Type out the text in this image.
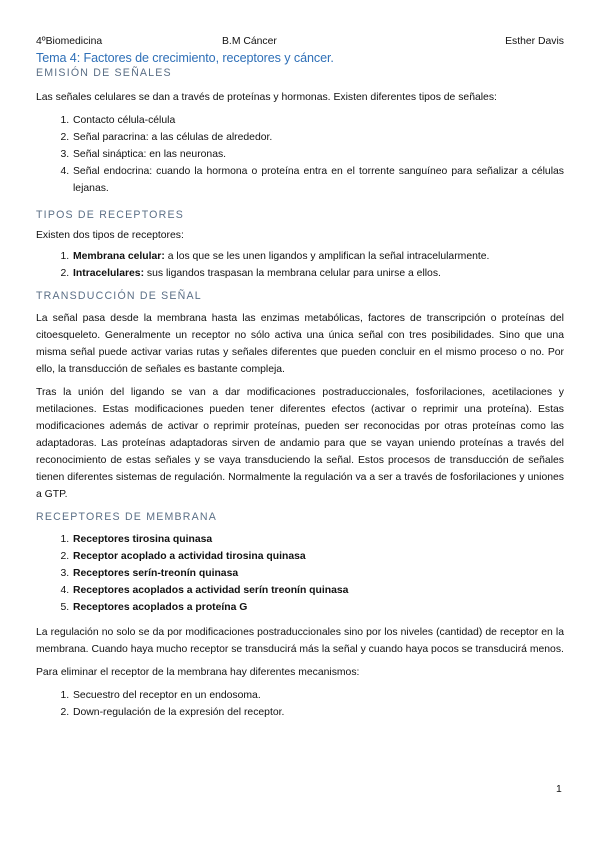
4ºBiomedicina	B.M Cáncer	Esther Davis
Tema 4: Factores de crecimiento, receptores y cáncer.
EMISIÓN DE SEÑALES

Las señales celulares se dan a través de proteínas y hormonas. Existen diferentes tipos de señales:

1. Contacto célula-célula
2. Señal paracrina: a las células de alrededor.
3. Señal sináptica: en las neuronas.
4. Señal endocrina: cuando la hormona o proteína entra en el torrente sanguíneo para señalizar a células lejanas.
TIPOS DE RECEPTORES

Existen dos tipos de receptores:

1. Membrana celular: a los que se les unen ligandos y amplifican la señal intracelularmente.
2. Intracelulares: sus ligandos traspasan la membrana celular para unirse a ellos.
TRANSDUCCIÓN DE SEÑAL

La señal pasa desde la membrana hasta las enzimas metabólicas, factores de transcripción o proteínas del citoesqueleto. Generalmente un receptor no sólo activa una única señal con tres posibilidades. Sino que una misma señal puede activar varias rutas y señales diferentes que pueden concluir en el mismo proceso o no. Por ello, la transducción de señales es bastante compleja.

Tras la unión del ligando se van a dar modificaciones postraduccionales, fosforilaciones, acetilaciones y metilaciones. Estas modificaciones pueden tener diferentes efectos (activar o reprimir una proteína). Estas modificaciones además de activar o reprimir proteínas, pueden ser reconocidas por otras proteínas como las adaptadoras. Las proteínas adaptadoras sirven de andamio para que se vayan uniendo proteínas a través del reconocimiento de estas señales y se vaya transduciendo la señal. Estos procesos de transducción de señales tienen diferentes sistemas de regulación. Normalmente la regulación va a ser a través de fosforilaciones y uniones a GTP.

RECEPTORES DE MEMBRANA
1. Receptores tirosina quinasa
2. Receptor acoplado a actividad tirosina quinasa
3. Receptores serín-treonín quinasa
4. Receptores acoplados a actividad serín treonín quinasa
5. Receptores acoplados a proteína G

La regulación no solo se da por modificaciones postraduccionales sino por los niveles (cantidad) de receptor en la membrana. Cuando haya mucho receptor se transducirá más la señal y cuando haya pocos se transducirá menos.

Para eliminar el receptor de la membrana hay diferentes mecanismos:

1. Secuestro del receptor en un endosoma.
2. Down-regulación de la expresión del receptor.
1
